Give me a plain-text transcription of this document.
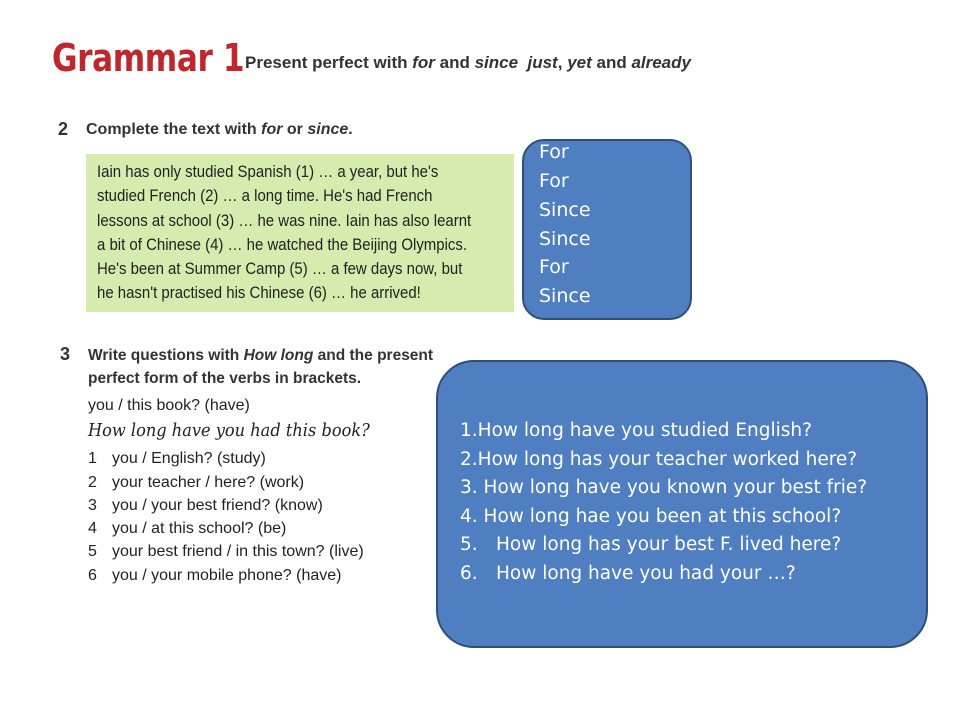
Grammar 1 Present perfect with for and since just, yet and already
2 Complete the text with for or since.
Iain has only studied Spanish (1) … a year, but he's
studied French (2) … a long time. He's had French
lessons at school (3) … he was nine. Iain has also learnt
a bit of Chinese (4) … he watched the Beijing Olympics.
He's been at Summer Camp (5) … a few days now, but
he hasn't practised his Chinese (6) … he arrived!
For
For
Since
Since
For
Since
3 Write questions with How long and the present
perfect form of the verbs in brackets.
you / this book? (have)
How long have you had this book?
1 you / English? (study)
2 your teacher / here? (work)
3 you / your best friend? (know)
4 you / at this school? (be)
5 your best friend / in this town? (live)
6 you / your mobile phone? (have)
1.How long have you studied English?
2.How long has your teacher worked here?
3. How long have you known your best frie?
4. How long hae you been at this school?
5. How long has your best F. lived here?
6. How long have you had your …?
